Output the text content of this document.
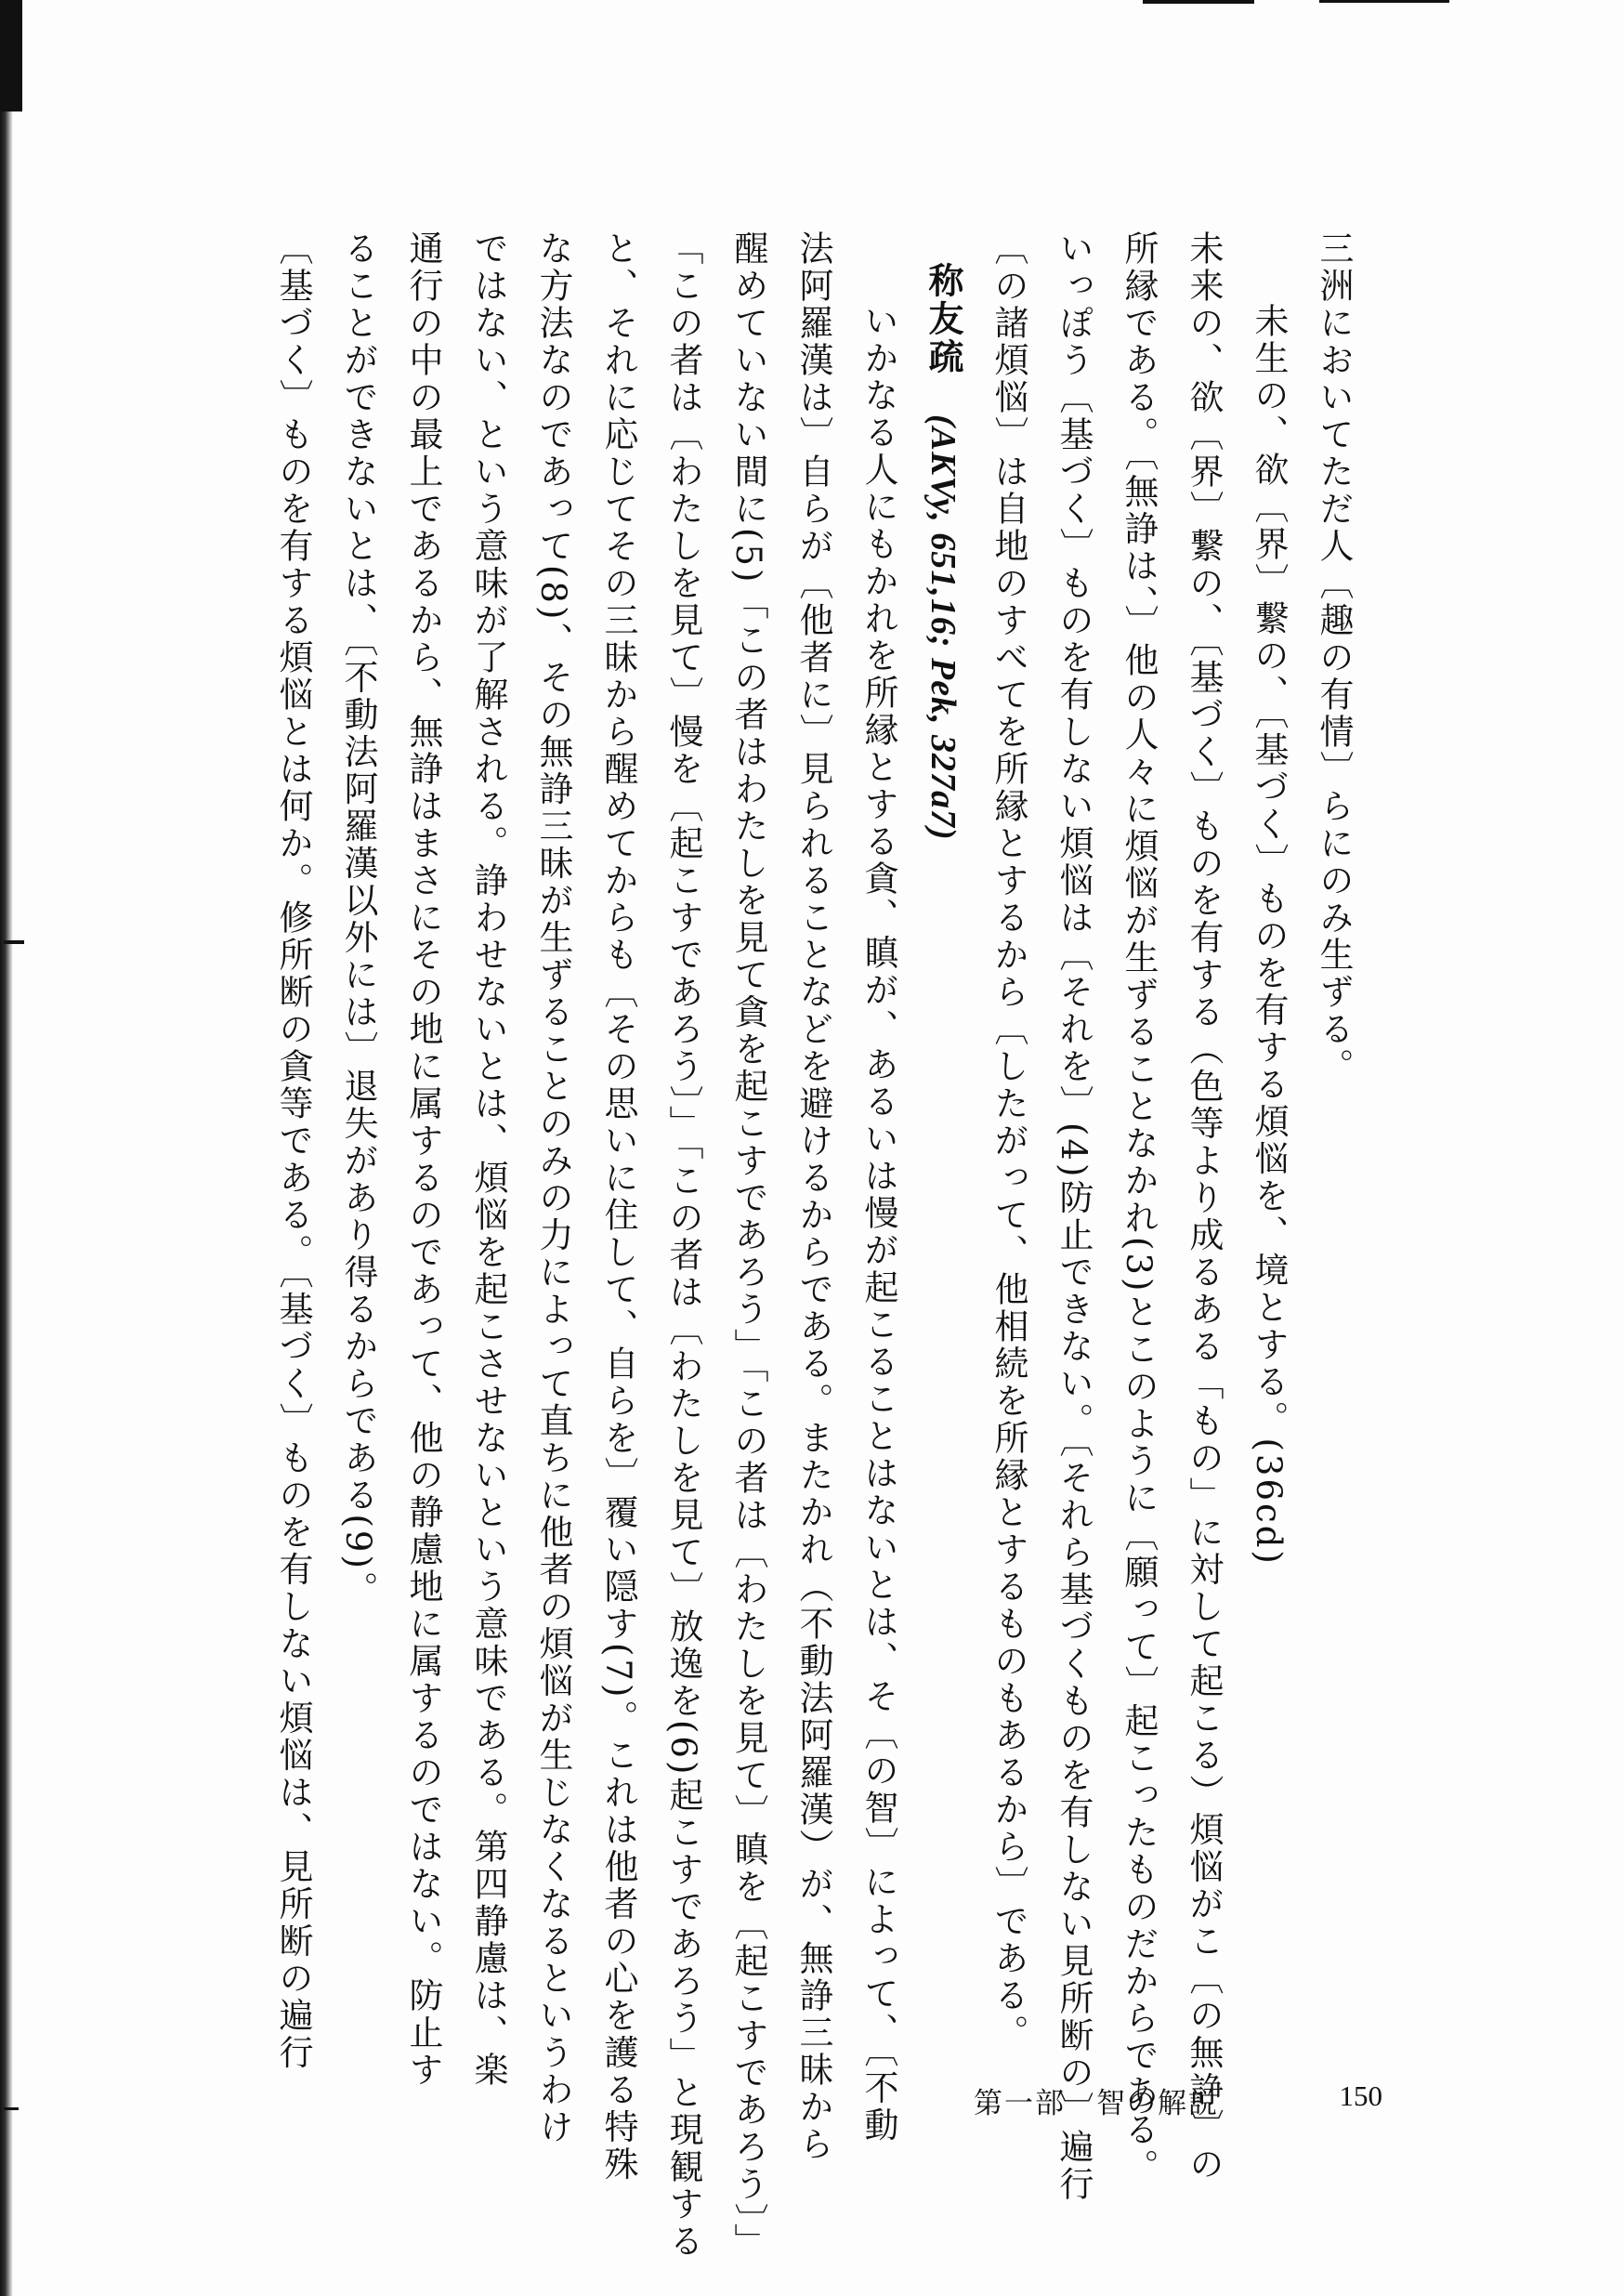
三洲においてただ人〔趣の有情〕らにのみ生ずる。
未生の、欲〔界〕繋の、〔基づく〕ものを有する煩悩を、境とする。(36cd)
未来の、欲〔界〕繋の、〔基づく〕ものを有する（色等より成るある「もの」に対して起こる）煩悩がこ〔の無諍〕の
所縁である。〔無諍は、〕他の人々に煩悩が生ずることなかれ(3)とこのように〔願って〕起こったものだからである。
いっぽう〔基づく〕ものを有しない煩悩は〔それを〕(4)防止できない。〔それら基づくものを有しない見所断の〕遍行
〔の諸煩悩〕は自地のすべてを所縁とするから〔したがって、他相続を所縁とするものもあるから〕である。
称友疏　(AKVy, 651,16; Pek, 327a7)
いかなる人にもかれを所縁とする貪、瞋が、あるいは慢が起こることはないとは、そ〔の智〕によって、〔不動
法阿羅漢は〕自らが〔他者に〕見られることなどを避けるからである。またかれ（不動法阿羅漢）が、無諍三昧から
醒めていない間に(5)「この者はわたしを見て貪を起こすであろう」「この者は〔わたしを見て〕瞋を〔起こすであろう〕」
「この者は〔わたしを見て〕慢を〔起こすであろう〕」「この者は〔わたしを見て〕放逸を(6)起こすであろう」と現観する
と、それに応じてその三昧から醒めてからも〔その思いに住して、自らを〕覆い隠す(7)。これは他者の心を護る特殊
な方法なのであって(8)、その無諍三昧が生ずることのみの力によって直ちに他者の煩悩が生じなくなるというわけ
ではない、という意味が了解される。諍わせないとは、煩悩を起こさせないという意味である。第四静慮は、楽
通行の中の最上であるから、無諍はまさにその地に属するのであって、他の静慮地に属するのではない。防止す
ることができないとは、〔不動法阿羅漢以外には〕退失があり得るからである(9)。
〔基づく〕ものを有する煩悩とは何か。修所断の貪等である。〔基づく〕ものを有しない煩悩は、見所断の遍行
第一部　智の解説	150
